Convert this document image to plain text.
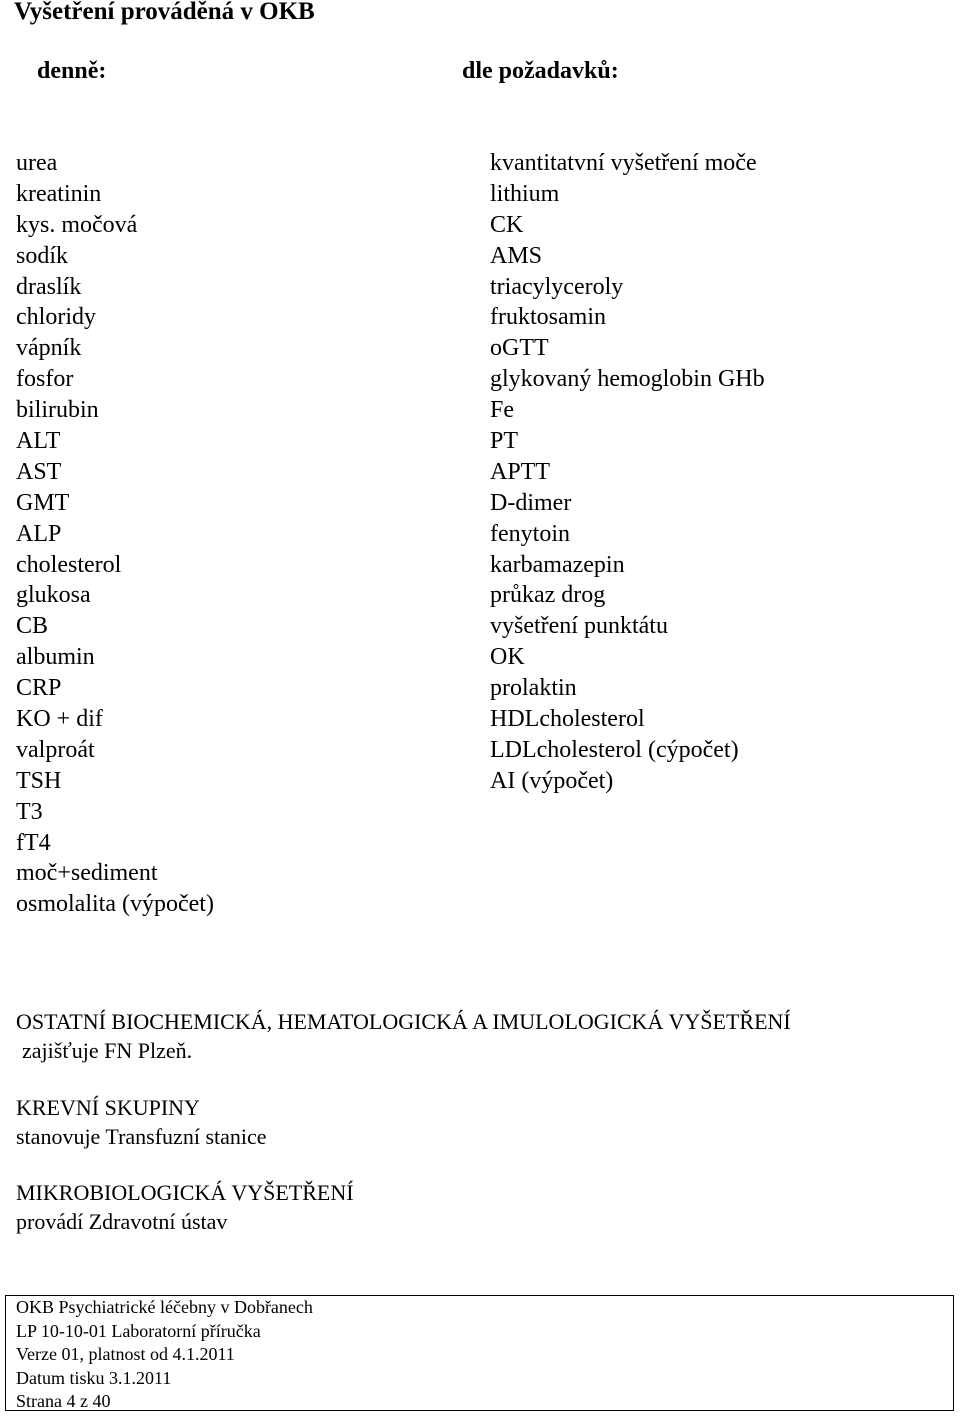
Vyšetření prováděná v OKB
denně:	dle požadavků:
urea
kreatinin
kys. močová
sodík
draslík
chloridy
vápník
fosfor
bilirubin
ALT
AST
GMT
ALP
cholesterol
glukosa
CB
albumin
CRP
KO + dif
valproát
TSH
T3
fT4
moč+sediment
osmolalita (výpočet)
kvantitatvní vyšetření moče
lithium
CK
AMS
triacylyceroly
fruktosamin
oGTT
glykovaný hemoglobin GHb
Fe
PT
APTT
D-dimer
fenytoin
karbamazepin
průkaz drog
vyšetření punktátu
OK
prolaktin
HDLcholesterol
LDLcholesterol (cýpočet)
AI (výpočet)
OSTATNÍ BIOCHEMICKÁ, HEMATOLOGICKÁ A IMULOLOGICKÁ VYŠETŘENÍ
zajišťuje FN Plzeň.
KREVNÍ SKUPINY
stanovuje Transfuzní stanice
MIKROBIOLOGICKÁ VYŠETŘENÍ
provádí Zdravotní ústav
OKB Psychiatrické léčebny v Dobřanech
LP 10-10-01 Laboratorní příručka
Verze 01, platnost od 4.1.2011
Datum tisku 3.1.2011
Strana 4 z 40
